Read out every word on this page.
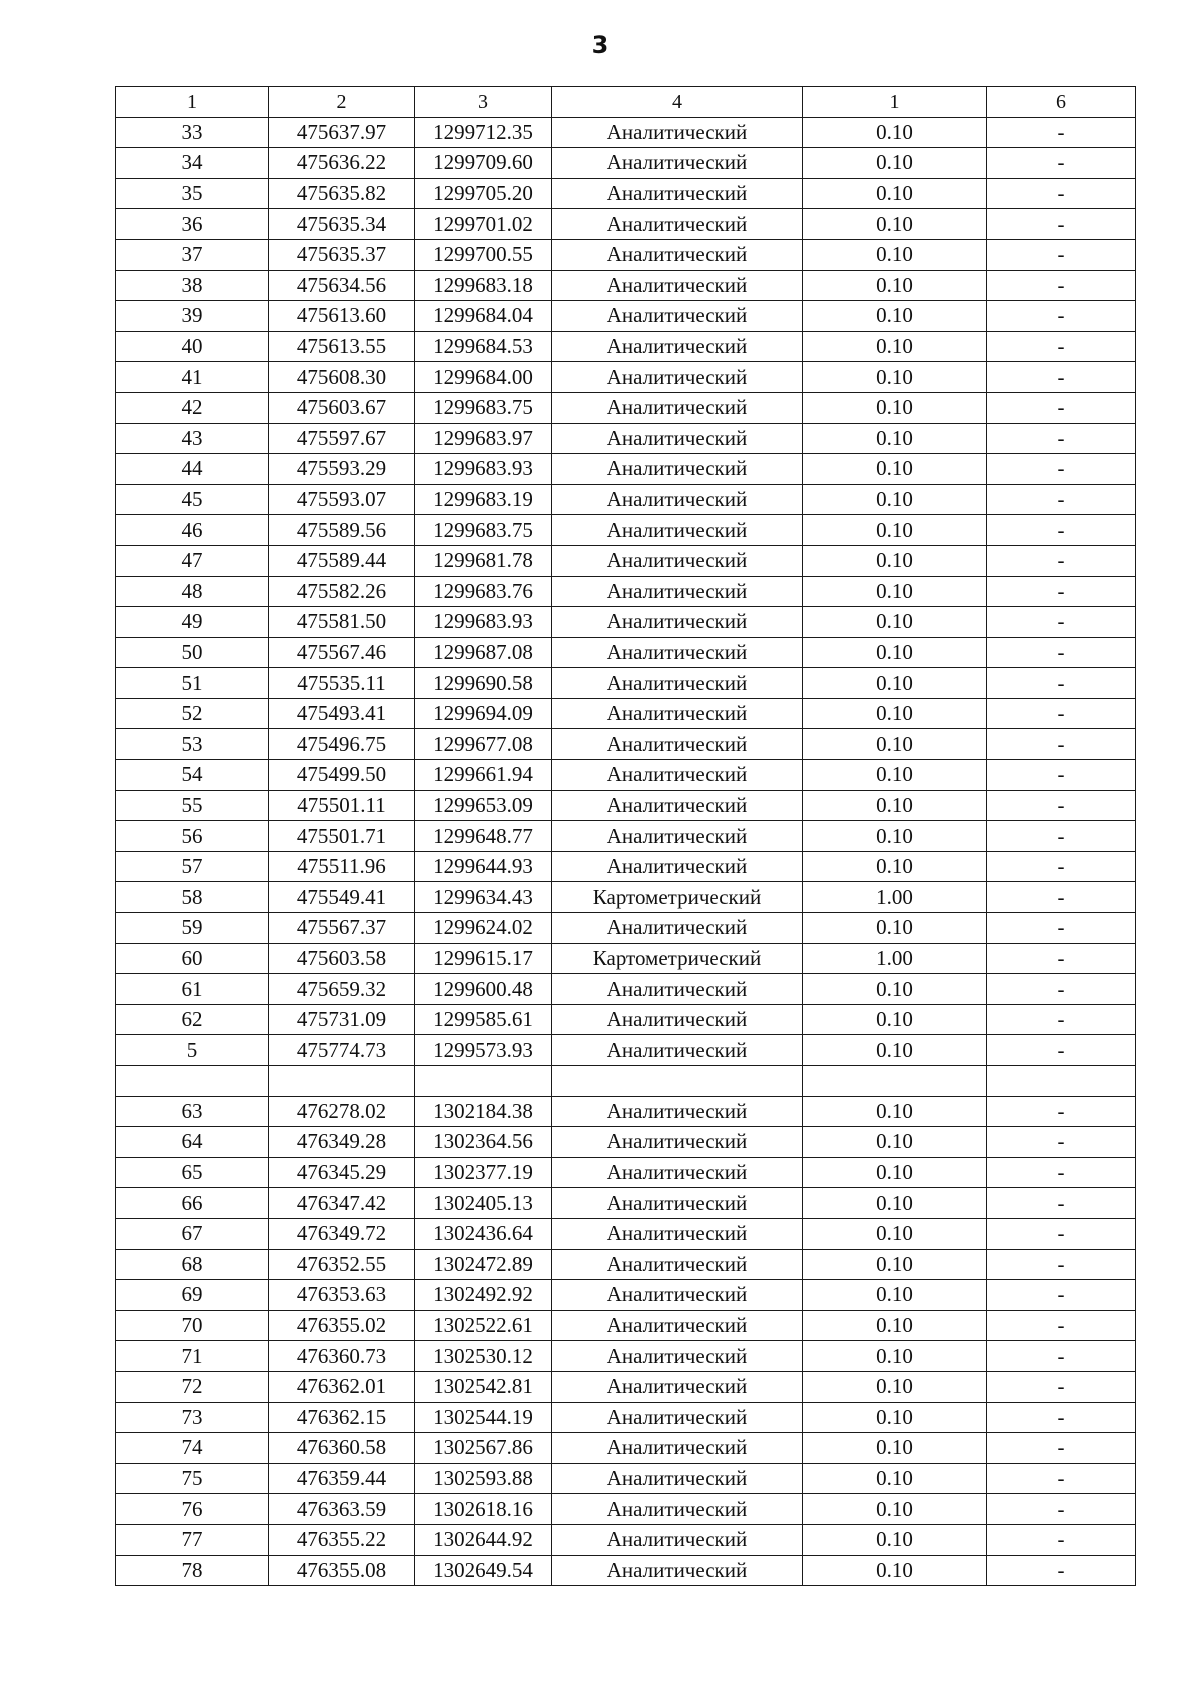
3
1	2	3	4	1	6
33	475637.97	1299712.35	Аналитический	0.10	-
34	475636.22	1299709.60	Аналитический	0.10	-
35	475635.82	1299705.20	Аналитический	0.10	-
36	475635.34	1299701.02	Аналитический	0.10	-
37	475635.37	1299700.55	Аналитический	0.10	-
38	475634.56	1299683.18	Аналитический	0.10	-
39	475613.60	1299684.04	Аналитический	0.10	-
40	475613.55	1299684.53	Аналитический	0.10	-
41	475608.30	1299684.00	Аналитический	0.10	-
42	475603.67	1299683.75	Аналитический	0.10	-
43	475597.67	1299683.97	Аналитический	0.10	-
44	475593.29	1299683.93	Аналитический	0.10	-
45	475593.07	1299683.19	Аналитический	0.10	-
46	475589.56	1299683.75	Аналитический	0.10	-
47	475589.44	1299681.78	Аналитический	0.10	-
48	475582.26	1299683.76	Аналитический	0.10	-
49	475581.50	1299683.93	Аналитический	0.10	-
50	475567.46	1299687.08	Аналитический	0.10	-
51	475535.11	1299690.58	Аналитический	0.10	-
52	475493.41	1299694.09	Аналитический	0.10	-
53	475496.75	1299677.08	Аналитический	0.10	-
54	475499.50	1299661.94	Аналитический	0.10	-
55	475501.11	1299653.09	Аналитический	0.10	-
56	475501.71	1299648.77	Аналитический	0.10	-
57	475511.96	1299644.93	Аналитический	0.10	-
58	475549.41	1299634.43	Картометрический	1.00	-
59	475567.37	1299624.02	Аналитический	0.10	-
60	475603.58	1299615.17	Картометрический	1.00	-
61	475659.32	1299600.48	Аналитический	0.10	-
62	475731.09	1299585.61	Аналитический	0.10	-
5	475774.73	1299573.93	Аналитический	0.10	-

63	476278.02	1302184.38	Аналитический	0.10	-
64	476349.28	1302364.56	Аналитический	0.10	-
65	476345.29	1302377.19	Аналитический	0.10	-
66	476347.42	1302405.13	Аналитический	0.10	-
67	476349.72	1302436.64	Аналитический	0.10	-
68	476352.55	1302472.89	Аналитический	0.10	-
69	476353.63	1302492.92	Аналитический	0.10	-
70	476355.02	1302522.61	Аналитический	0.10	-
71	476360.73	1302530.12	Аналитический	0.10	-
72	476362.01	1302542.81	Аналитический	0.10	-
73	476362.15	1302544.19	Аналитический	0.10	-
74	476360.58	1302567.86	Аналитический	0.10	-
75	476359.44	1302593.88	Аналитический	0.10	-
76	476363.59	1302618.16	Аналитический	0.10	-
77	476355.22	1302644.92	Аналитический	0.10	-
78	476355.08	1302649.54	Аналитический	0.10	-
